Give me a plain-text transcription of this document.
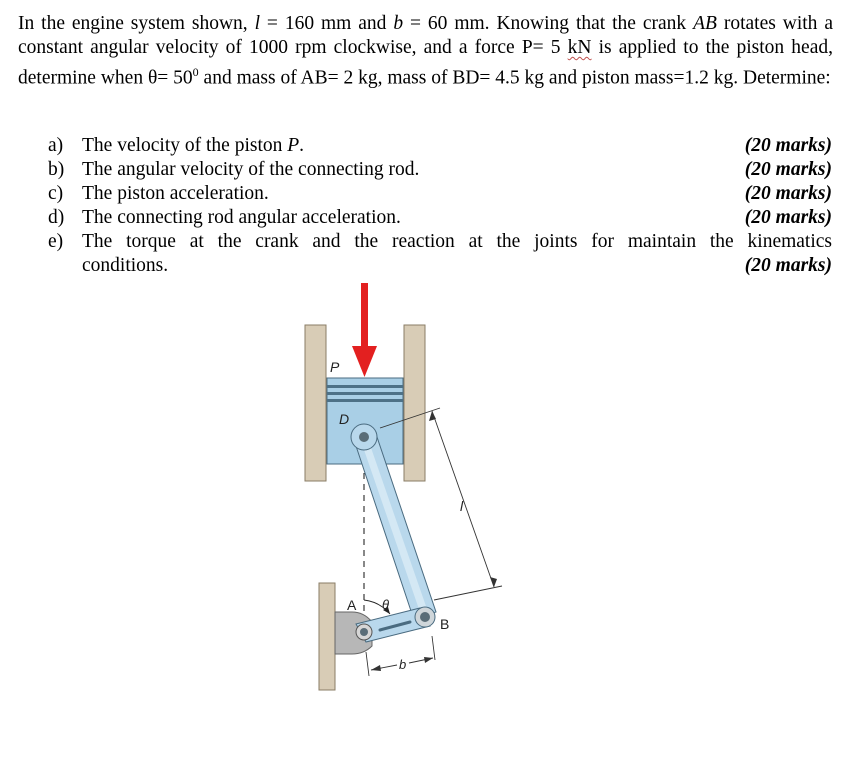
In the engine system shown, l = 160 mm and b = 60 mm. Knowing that the crank AB rotates with a constant angular velocity of 1000 rpm clockwise, and a force P= 5 kN is applied to the piston head, determine when $\theta= 50^0$ and mass of AB= 2 kg, mass of BD= 4.5 kg and piston mass=1.2 kg. Determine:
a) The velocity of the piston P.	(20 marks)
b) The angular velocity of the connecting rod.	(20 marks)
c) The piston acceleration.	(20 marks)
d) The connecting rod angular acceleration.	(20 marks)
e) The torque at the crank and the reaction at the joints for maintain the kinematics
conditions.	(20 marks)
P
D
l
A θ
B
b
